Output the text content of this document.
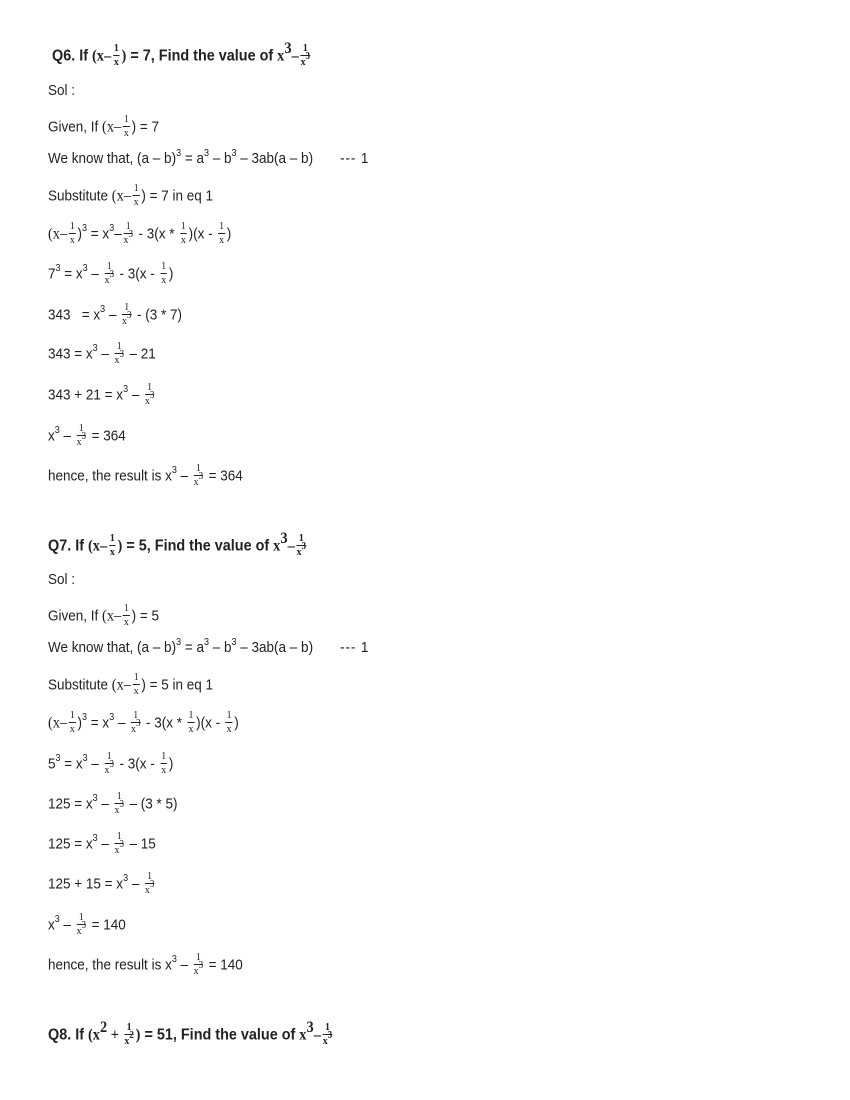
Q6. If ($x- \frac{1}{x}$ ) = 7, Find the value of $x^3- \frac{1}{x^3}$
Sol :
Given, If ($x- \frac{1}{x}$ ) = 7
We know that, $(a - b)^3 = a^3 - b^3 - 3ab(a - b)$ --- 1
Substitute ($x- \frac{1}{x}$ ) = 7 in eq 1
$(x- \frac{1}{x} )^3 = x^3- \frac{1}{x^3} - 3(x * \frac{1}{x} )(x - \frac{1}{x}$ )
$7^3 = x^3 - \frac{1}{x^3} - 3(x - \frac{1}{x}$ )
$343 = x^3 - \frac{1}{x^3} - (3 * 7)$
$343 = x^3 - \frac{1}{x^3} - 21$
$343 + 21 = x^3 - \frac{1}{x^3}$
$x^3 - \frac{1}{x^3} = 364$
hence, the result is $x^3 - \frac{1}{x^3} = 364$
Q7. If ($x- \frac{1}{x}$ ) = 5, Find the value of $x^3- \frac{1}{x^3}$
Sol :
Given, If ($x- \frac{1}{x}$ ) = 5
We know that, $(a - b)^3 = a^3 - b^3 - 3ab(a - b)$ --- 1
Substitute ($x- \frac{1}{x}$ ) = 5 in eq 1
$(x- \frac{1}{x} )^3 = x^3 - \frac{1}{x^3} - 3(x * \frac{1}{x} )(x - \frac{1}{x}$ )
$5^3 = x^3 - \frac{1}{x^3} - 3(x - \frac{1}{x}$ )
$125 = x^3 - \frac{1}{x^3} - (3 * 5)$
$125 = x^3 - \frac{1}{x^3} - 15$
$125 + 15 = x^3 - \frac{1}{x^3}$
$x^3 - \frac{1}{x^3} = 140$
hence, the result is $x^3 - \frac{1}{x^3} = 140$
Q8. If ($x^2 + \frac{1}{x^2}$ ) = 51, Find the value of $x^3- \frac{1}{x^3}$
